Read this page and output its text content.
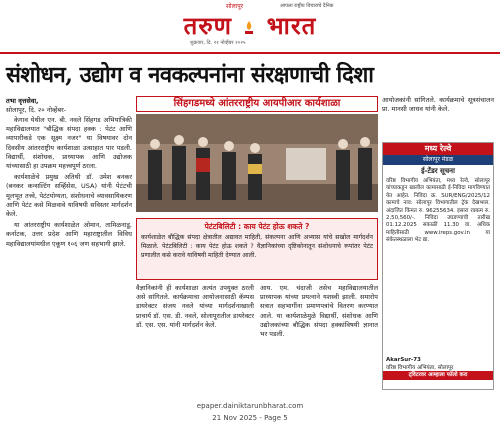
सोलापूर	आपला राष्ट्रीय विचाराचे दैनिक
तरुण भारत
शुक्रवार, दि. २१ नोव्हेंबर २०२५
संशोधन, उद्योग व नवकल्पनांना संरक्षणाची दिशा
तभा वृत्तसेवा,
सोलापूर, दि. २० नोव्हेंबर-

केगाव येथील एन. बी. नवले सिंहगड अभियांत्रिकी महाविद्यालयात "बौद्धिक संपदा हक्क : पेटंट आणि व्यापारीकडे एक सूक्ष्म नजर" या विषयावर दोन दिवसीय आंतरराष्ट्रीय कार्यशाळा उत्साहात पार पडली. विद्यार्थी, संशोधक, प्राध्यापक आणि उद्योजक यांच्यासाठी हा उपक्रम महत्त्वपूर्ण ठरला.

कार्यशाळेचे प्रमुख अतिथी डॉ. उमेश बनकर (बनकर कन्सल्टिंग सर्व्हिसेस, USA) यांनी पेटंटची मूलभूत तत्त्वे, पेटंटयोग्यता, संशोधनाचे व्यावसायिकरण आणि पेटंट कसे मिळवावे याविषयी सविस्तर मार्गदर्शन केले.

या आंतरराष्ट्रीय कार्यशाळेत ओमान, तामिळनाडू, कर्नाटक, उत्तर प्रदेश आणि महाराष्ट्रातील विविध महाविद्यालयांमधील एकूण १०६ जण सहभागी झाले.

सिंहगडमध्ये आंतरराष्ट्रीय आयपीआर कार्यशाळा
पेटंटबिलिटी : काय पेटंट होऊ शकते ?
कार्यशाळेत बौद्धिक संपदा क्षेत्रातील अद्यावत माहिती, संकल्पना आणि अभ्यास यांचे सखोल मार्गदर्शन मिळाले. पेटंटबिलिटी : काय पेटंट होऊ शकते ? वैज्ञानिकांच्या दृष्टिकोनातून संशोधनाचे रूपांतर पेटंट प्रणालीत कसे करावे याविषयी माहिती देण्यात आली.
वैज्ञानिकांनी ही कार्यशाळा अत्यंत उपयुक्त ठरली असे सांगितले. कार्यक्रमाचा आयोजनासाठी कॅम्पस डायरेक्टर संजय नवले यांच्या मार्गदर्शनाखाली प्राचार्य डॉ. एस. डी. नवले, सोलापूरातील डायरेक्टर डॉ. एस. एस. यांनी मार्गदर्शन केले.
आय. एम. चंदाजी तसेच महाविद्यालयातील प्राध्यापक यांच्या प्रयत्नाने यशस्वी झाली. समारोप सत्रात सहभागींना प्रमाणपत्रांचे वितरण करण्यात आले. या कार्यशाळेमुळे विद्यार्थी, संशोधक आणि उद्योजकांच्या बौद्धिक संपदा हक्कांविषयी ज्ञानात भर पडली.
आयोजकांनी सांगितले. कार्यक्रमाचे सूत्रसंचालन प्रा. मानसी जाधव यांनी केले.
मध्य रेल्वे
सोलापूर मंडळ
ई-टेंडर सूचना
वरिष्ठ विभागीय अभियंता, मध्य रेल्वे, सोलापूर यांच्याकडून खालील कामासाठी ई-निविदा मागविण्यात येत आहेत. निविदा क्र. SUR/ENG/2025/12 कामाचे नाव: सोलापूर विभागातील ट्रॅक देखभाल. अंदाजित किंमत रु. 96255634. इसारा रक्कम रु. 2,50,560/-. निविदा उघडण्याची तारीख 01.12.2025 सकाळी 11.30 वा. अधिक माहितीसाठी www.ireps.gov.in या संकेतस्थळाला भेट द्या.
AkarSur-73
वरिष्ठ विभागीय अभियंता, सोलापूर
ट्विटरवर आम्हाला फॉलो करा
epaper.dainiktarunbharat.com
21 Nov 2025 - Page 5
